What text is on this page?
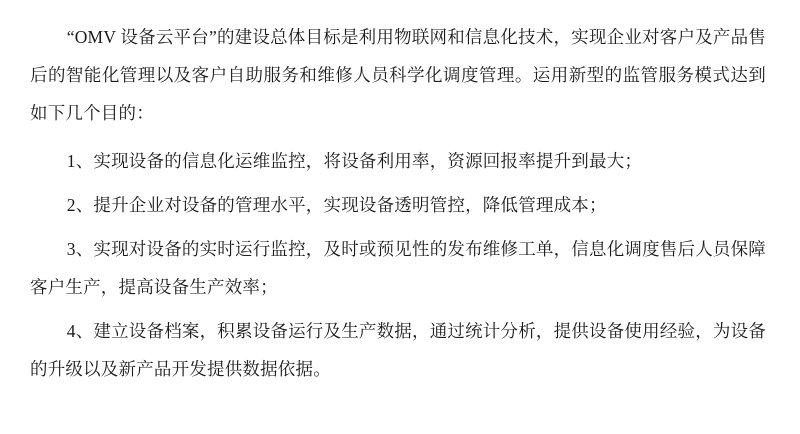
“OMV 设备云平台”的建设总体目标是利用物联网和信息化技术，实现企业对客户及产品售后的智能化管理以及客户自助服务和维修人员科学化调度管理。运用新型的监管服务模式达到如下几个目的：

1、实现设备的信息化运维监控，将设备利用率，资源回报率提升到最大；

2、提升企业对设备的管理水平，实现设备透明管控，降低管理成本；

3、实现对设备的实时运行监控，及时或预见性的发布维修工单，信息化调度售后人员保障客户生产，提高设备生产效率；

4、建立设备档案，积累设备运行及生产数据，通过统计分析，提供设备使用经验，为设备的升级以及新产品开发提供数据依据。
